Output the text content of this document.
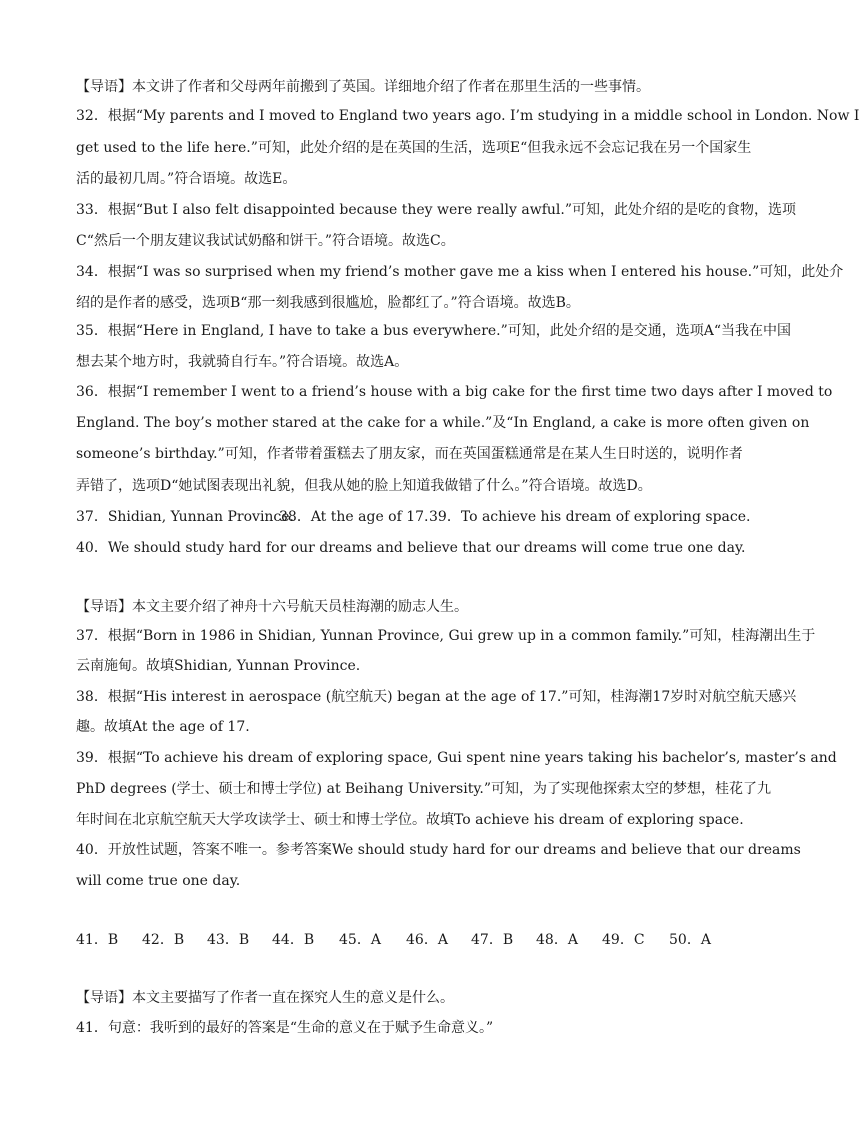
【导语】本文讲了作者和父母两年前搬到了英国。详细地介绍了作者在那里生活的一些事情。
32．根据“My parents and I moved to England two years ago. I’m studying in a middle school in London. Now I
get used to the life here.”可知，此处介绍的是在英国的生活，选项E“但我永远不会忘记我在另一个国家生
活的最初几周。”符合语境。故选E。
33．根据“But I also felt disappointed because they were really awful.”可知，此处介绍的是吃的食物，选项
C“然后一个朋友建议我试试奶酪和饼干。”符合语境。故选C。
34．根据“I was so surprised when my friend’s mother gave me a kiss when I entered his house.”可知，此处介
绍的是作者的感受，选项B“那一刻我感到很尴尬，脸都红了。”符合语境。故选B。
35．根据“Here in England, I have to take a bus everywhere.”可知，此处介绍的是交通，选项A“当我在中国
想去某个地方时，我就骑自行车。”符合语境。故选A。
36．根据“I remember I went to a friend’s house with a big cake for the first time two days after I moved to
England. The boy’s mother stared at the cake for a while.”及“In England, a cake is more often given on
someone’s birthday.”可知，作者带着蛋糕去了朋友家，而在英国蛋糕通常是在某人生日时送的，说明作者
弄错了，选项D“她试图表现出礼貌，但我从她的脸上知道我做错了什么。”符合语境。故选D。
37．Shidian, Yunnan Province.
38．At the age of 17. 39．To achieve his dream of exploring space.
40．We should study hard for our dreams and believe that our dreams will come true one day.
【导语】本文主要介绍了神舟十六号航天员桂海潮的励志人生。
37．根据“Born in 1986 in Shidian, Yunnan Province, Gui grew up in a common family.”可知，桂海潮出生于
云南施甸。故填Shidian, Yunnan Province.
38．根据“His interest in aerospace (航空航天) began at the age of 17.”可知，桂海潮17岁时对航空航天感兴
趣。故填At the age of 17.
39．根据“To achieve his dream of exploring space, Gui spent nine years taking his bachelor’s, master’s and
PhD degrees (学士、硕士和博士学位) at Beihang University.”可知，为了实现他探索太空的梦想，桂花了九
年时间在北京航空航天大学攻读学士、硕士和博士学位。故填To achieve his dream of exploring space.
40．开放性试题，答案不唯一。参考答案We should study hard for our dreams and believe that our dreams
will come true one day.
41．B 42．B 43．B 44．B 45．A 46．A 47．B 48．A 49．C 50．A
【导语】本文主要描写了作者一直在探究人生的意义是什么。
41．句意：我听到的最好的答案是“生命的意义在于赋予生命意义。”
